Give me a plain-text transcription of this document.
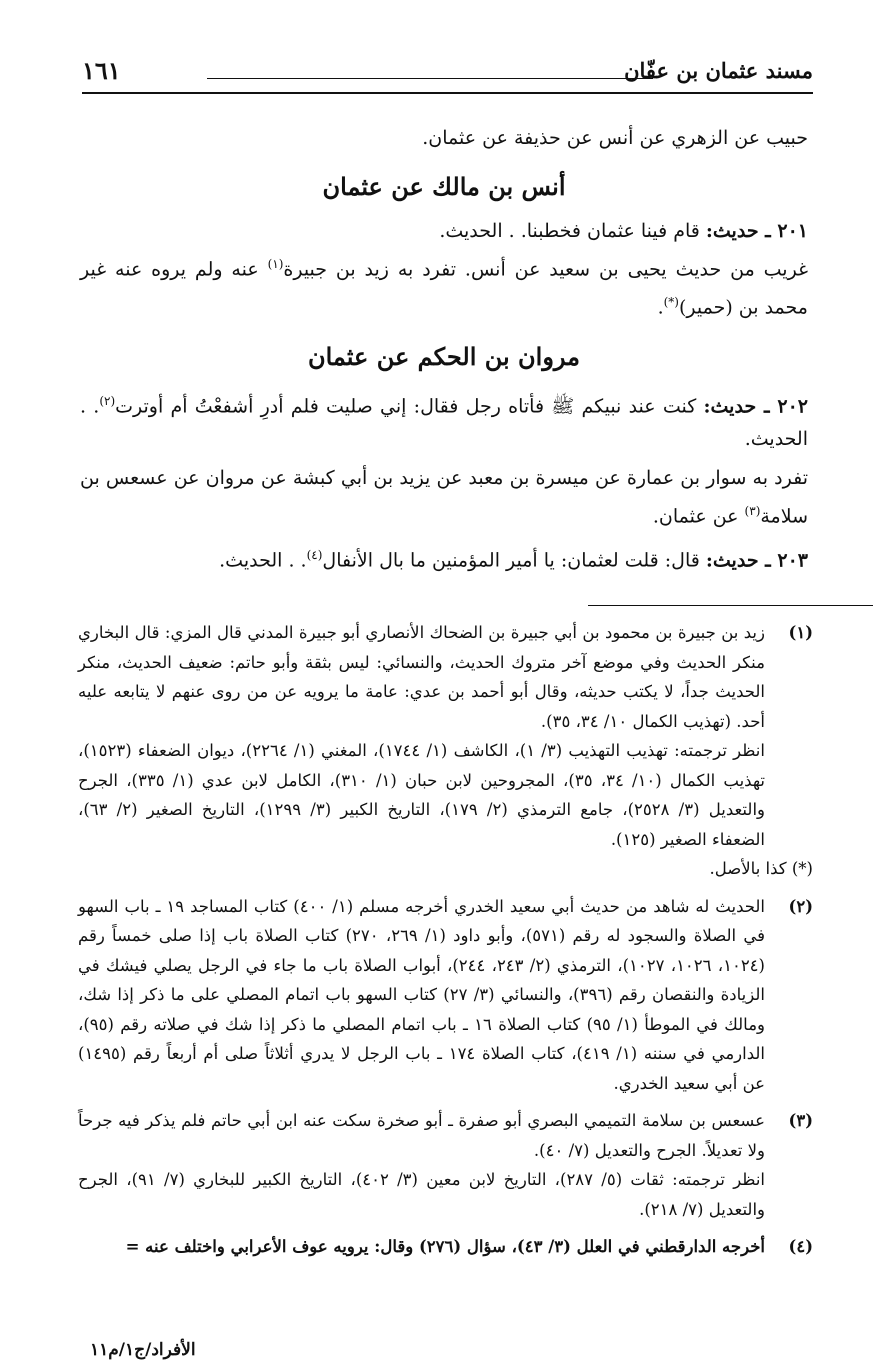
مسند عثمان بن عفّان
١٦١

حبيب عن الزهري عن أنس عن حذيفة عن عثمان.

أنس بن مالك عن عثمان

٢٠١ ـ حديث: قام فينا عثمان فخطبنا. . الحديث.

غريب من حديث يحيى بن سعيد عن أنس. تفرد به زيد بن جبيرة$^{(١)}$ عنه ولم يروه عنه غير محمد بن (حمير)(*).

مروان بن الحكم عن عثمان

٢٠٢ ـ حديث: كنت عند نبيكم ﷺ فأتاه رجل فقال: إني صليت فلم أدرِ أشفعْتُ أم أوترت$^{(٢)}$. . الحديث.

تفرد به سوار بن عمارة عن ميسرة بن معبد عن يزيد بن أبي كبشة عن مروان عن عسعس بن سلامة$^{(٣)}$ عن عثمان.

٢٠٣ ـ حديث: قال: قلت لعثمان: يا أمير المؤمنين ما بال الأنفال$^{(٤)}$. . الحديث.

(١)

زيد بن جبيرة بن محمود بن أبي جبيرة بن الضحاك الأنصاري أبو جبيرة المدني قال المزي: قال البخاري منكر الحديث وفي موضع آخر متروك الحديث، والنسائي: ليس بثقة وأبو حاتم: ضعيف الحديث، منكر الحديث جداً، لا يكتب حديثه، وقال أبو أحمد بن عدي: عامة ما يرويه عن من روى عنهم لا يتابعه عليه أحد. (تهذيب الكمال ١٠/ ٣٤، ٣٥).

انظر ترجمته: تهذيب التهذيب (٣/ ١)، الكاشف (١/ ١٧٤٤)، المغني (١/ ٢٢٦٤)، ديوان الضعفاء (١٥٢٣)، تهذيب الكمال (١٠/ ٣٤، ٣٥)، المجروحين لابن حبان (١/ ٣١٠)، الكامل لابن عدي (١/ ٣٣٥)، الجرح والتعديل (٣/ ٢٥٢٨)، جامع الترمذي (٢/ ١٧٩)، التاريخ الكبير (٣/ ١٢٩٩)، التاريخ الصغير (٢/ ٦٣)، الضعفاء الصغير (١٢٥).

(*) كذا بالأصل.

(٢)

الحديث له شاهد من حديث أبي سعيد الخدري أخرجه مسلم (١/ ٤٠٠) كتاب المساجد ١٩ ـ باب السهو في الصلاة والسجود له رقم (٥٧١)، وأبو داود (١/ ٢٦٩، ٢٧٠) كتاب الصلاة باب إذا صلى خمساً رقم (١٠٢٤، ١٠٢٦، ١٠٢٧)، الترمذي (٢/ ٢٤٣، ٢٤٤)، أبواب الصلاة باب ما جاء في الرجل يصلي فيشك في الزيادة والنقصان رقم (٣٩٦)، والنسائي (٣/ ٢٧) كتاب السهو باب اتمام المصلي على ما ذكر إذا شك، ومالك في الموطأ (١/ ٩٥) كتاب الصلاة ١٦ ـ باب اتمام المصلي ما ذكر إذا شك في صلاته رقم (٩٥)، الدارمي في سننه (١/ ٤١٩)، كتاب الصلاة ١٧٤ ـ باب الرجل لا يدري أثلاثاً صلى أم أربعاً رقم (١٤٩٥) عن أبي سعيد الخدري.

(٣)

عسعس بن سلامة التميمي البصري أبو صفرة ـ أبو صخرة سكت عنه ابن أبي حاتم فلم يذكر فيه جرحاً ولا تعديلاً. الجرح والتعديل (٧/ ٤٠).

انظر ترجمته: ثقات (٥/ ٢٨٧)، التاريخ لابن معين (٣/ ٤٠٢)، التاريخ الكبير للبخاري (٧/ ٩١)، الجرح والتعديل (٧/ ٢١٨).

(٤)

أخرجه الدارقطني في العلل (٣/ ٤٣)، سؤال (٢٧٦) وقال: يرويه عوف الأعرابي واختلف عنه =

الأفراد/ج١/م١١
